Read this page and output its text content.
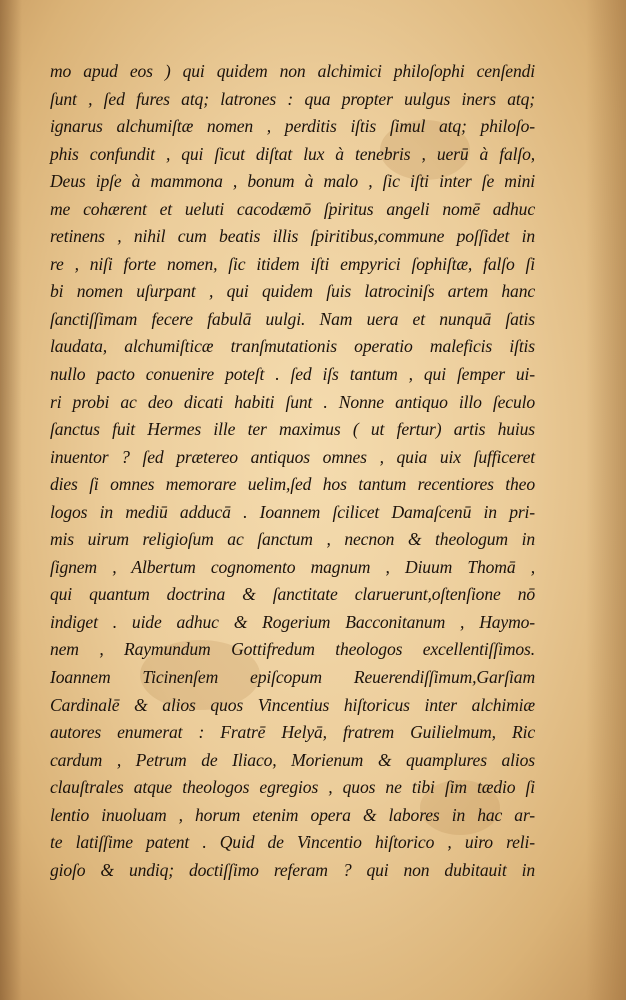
mo apud eos ) qui quidem non alchimici philoſophi cenſendi
ſunt , ſed fures atq; latrones : qua propter uulgus iners atq;
ignarus alchumiſtæ nomen , perditis iſtis ſimul atq; philoſo-
phis confundit , qui ſicut diſtat lux à tenebris , uerū à falſo,
Deus ipſe à mammona , bonum à malo , ſic iſti inter ſe mini
me cohærent et ueluti cacodæmō ſpiritus angeli nomē adhuc
retinens , nihil cum beatis illis ſpiritibus,commune poſſidet in
re , niſi forte nomen, ſic itidem iſti empyrici ſophiſtæ, falſo ſi
bi nomen uſurpant , qui quidem ſuis latrociniſs artem hanc
ſanctiſſimam fecere fabulā uulgi. Nam uera et nunquā ſatis
laudata, alchumiſticæ tranſmutationis operatio maleficis iſtis
nullo pacto conuenire poteſt . ſed iſs tantum , qui ſemper ui-
ri probi ac deo dicati habiti ſunt . Nonne antiquo illo ſeculo
ſanctus fuit Hermes ille ter maximus ( ut fertur) artis huius
inuentor ? ſed prætereo antiquos omnes , quia uix ſufficeret
dies ſi omnes memorare uelim,ſed hos tantum recentiores theo
logos in mediū adducā . Ioannem ſcilicet Damaſcenū in pri-
mis uirum religioſum ac ſanctum , necnon & theologum in
ſignem , Albertum cognomento magnum , Diuum Thomā ,
qui quantum doctrina & ſanctitate claruerunt,oſtenſione nō
indiget . uide adhuc & Rogerium Bacconitanum , Haymo-
nem , Raymundum Gottifredum theologos excellentiſſimos.
Ioannem Ticinenſem epiſcopum Reuerendiſſimum,Garſiam
Cardinalē & alios quos Vincentius hiſtoricus inter alchimiæ
autores enumerat : Fratrē Helyā, fratrem Guilielmum, Ric
cardum , Petrum de Iliaco, Morienum & quamplures alios
clauſtrales atque theologos egregios , quos ne tibi ſim tædio ſi
lentio inuoluam , horum etenim opera & labores in hac ar-
te latiſſime patent . Quid de Vincentio hiſtorico , uiro reli-
gioſo & undiq; doctiſſimo referam ? qui non dubitauit in
